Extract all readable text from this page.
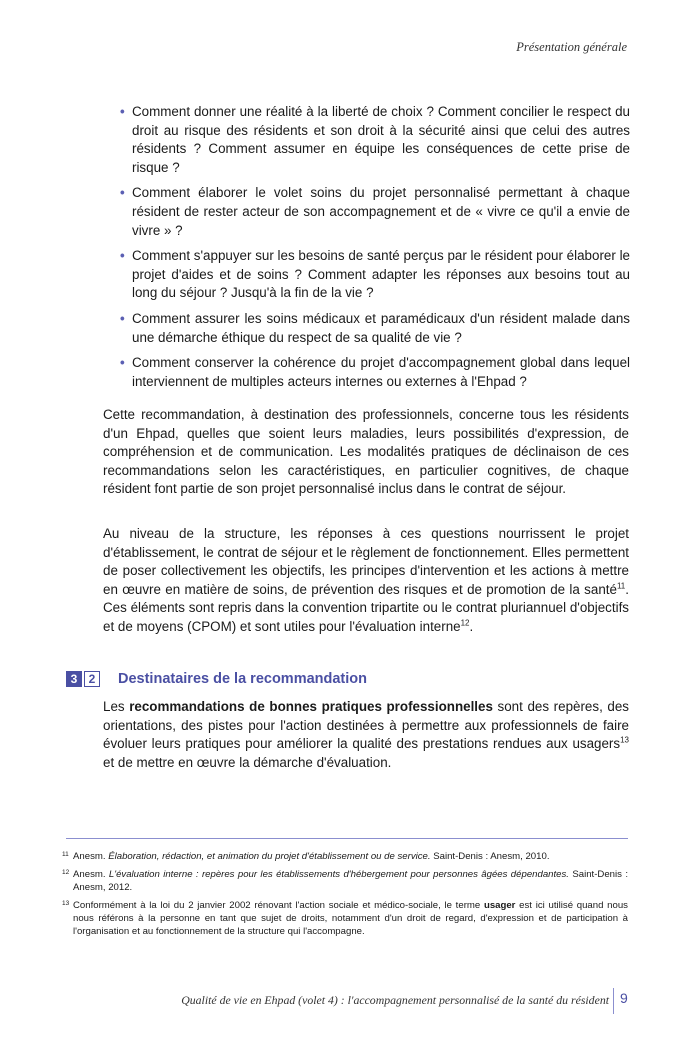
Présentation générale
• Comment donner une réalité à la liberté de choix ? Comment concilier le respect du droit au risque des résidents et son droit à la sécurité ainsi que celui des autres résidents ? Comment assumer en équipe les conséquences de cette prise de risque ?
• Comment élaborer le volet soins du projet personnalisé permettant à chaque résident de rester acteur de son accompagnement et de « vivre ce qu'il a envie de vivre » ?
• Comment s'appuyer sur les besoins de santé perçus par le résident pour élaborer le projet d'aides et de soins ? Comment adapter les réponses aux besoins tout au long du séjour ? Jusqu'à la fin de la vie ?
• Comment assurer les soins médicaux et paramédicaux d'un résident malade dans une démarche éthique du respect de sa qualité de vie ?
• Comment conserver la cohérence du projet d'accompagnement global dans lequel interviennent de multiples acteurs internes ou externes à l'Ehpad ?

Cette recommandation, à destination des professionnels, concerne tous les résidents d'un Ehpad, quelles que soient leurs maladies, leurs possibilités d'expression, de compréhension et de communication. Les modalités pratiques de déclinaison de ces recommandations selon les caractéristiques, en particulier cognitives, de chaque résident font partie de son projet personnalisé inclus dans le contrat de séjour.

Au niveau de la structure, les réponses à ces questions nourrissent le projet d'établissement, le contrat de séjour et le règlement de fonctionnement. Elles permettent de poser collectivement les objectifs, les principes d'intervention et les actions à mettre en œuvre en matière de soins, de prévention des risques et de promotion de la santé$^{11}$. Ces éléments sont repris dans la convention tripartite ou le contrat pluriannuel d'objectifs et de moyens (CPOM) et sont utiles pour l'évaluation interne$^{12}$.

3 2	Destinataires de la recommandation

Les recommandations de bonnes pratiques professionnelles sont des repères, des orientations, des pistes pour l'action destinées à permettre aux professionnels de faire évoluer leurs pratiques pour améliorer la qualité des prestations rendues aux usagers$^{13}$ et de mettre en œuvre la démarche d'évaluation.

11 Anesm. Élaboration, rédaction, et animation du projet d'établissement ou de service. Saint-Denis : Anesm, 2010.
12 Anesm. L'évaluation interne : repères pour les établissements d'hébergement pour personnes âgées dépendantes. Saint-Denis : Anesm, 2012.
13 Conformément à la loi du 2 janvier 2002 rénovant l'action sociale et médico-sociale, le terme usager est ici utilisé quand nous nous référons à la personne en tant que sujet de droits, notamment d'un droit de regard, d'expression et de participation à l'organisation et au fonctionnement de la structure qui l'accompagne.
Qualité de vie en Ehpad (volet 4) : l'accompagnement personnalisé de la santé du résident 9
